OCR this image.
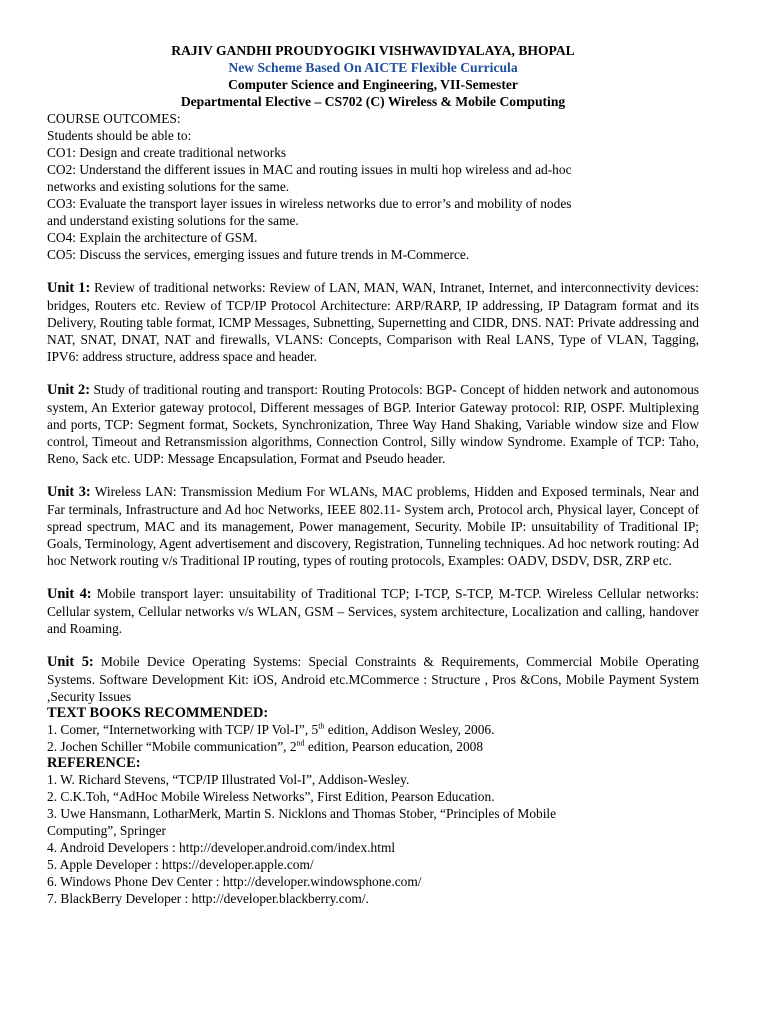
RAJIV GANDHI PROUDYOGIKI VISHWAVIDYALAYA, BHOPAL
New Scheme Based On AICTE Flexible Curricula
Computer Science and Engineering, VII-Semester
Departmental Elective – CS702 (C) Wireless & Mobile Computing
COURSE OUTCOMES:
Students should be able to:
CO1: Design and create traditional networks
CO2: Understand the different issues in MAC and routing issues in multi hop wireless and ad-hoc
networks and existing solutions for the same.
CO3: Evaluate the transport layer issues in wireless networks due to error’s and mobility of nodes
and understand existing solutions for the same.
CO4: Explain the architecture of GSM.
CO5: Discuss the services, emerging issues and future trends in M-Commerce.
Unit 1: Review of traditional networks: Review of LAN, MAN, WAN, Intranet, Internet, and interconnectivity devices: bridges, Routers etc. Review of TCP/IP Protocol Architecture: ARP/RARP, IP addressing, IP Datagram format and its Delivery, Routing table format, ICMP Messages, Subnetting, Supernetting and CIDR, DNS. NAT: Private addressing and NAT, SNAT, DNAT, NAT and firewalls, VLANS: Concepts, Comparison with Real LANS, Type of VLAN, Tagging, IPV6: address structure, address space and header.
Unit 2: Study of traditional routing and transport: Routing Protocols: BGP- Concept of hidden network and autonomous system, An Exterior gateway protocol, Different messages of BGP. Interior Gateway protocol: RIP, OSPF. Multiplexing and ports, TCP: Segment format, Sockets, Synchronization, Three Way Hand Shaking, Variable window size and Flow control, Timeout and Retransmission algorithms, Connection Control, Silly window Syndrome. Example of TCP: Taho, Reno, Sack etc. UDP: Message Encapsulation, Format and Pseudo header.
Unit 3: Wireless LAN: Transmission Medium For WLANs, MAC problems, Hidden and Exposed terminals, Near and Far terminals, Infrastructure and Ad hoc Networks, IEEE 802.11- System arch, Protocol arch, Physical layer, Concept of spread spectrum, MAC and its management, Power management, Security. Mobile IP: unsuitability of Traditional IP; Goals, Terminology, Agent advertisement and discovery, Registration, Tunneling techniques. Ad hoc network routing: Ad hoc Network routing v/s Traditional IP routing, types of routing protocols, Examples: OADV, DSDV, DSR, ZRP etc.
Unit 4: Mobile transport layer: unsuitability of Traditional TCP; I-TCP, S-TCP, M-TCP. Wireless Cellular networks: Cellular system, Cellular networks v/s WLAN, GSM – Services, system architecture, Localization and calling, handover and Roaming.
Unit 5: Mobile Device Operating Systems: Special Constraints & Requirements, Commercial Mobile Operating Systems. Software Development Kit: iOS, Android etc.MCommerce : Structure , Pros &Cons, Mobile Payment System ,Security Issues
TEXT BOOKS RECOMMENDED:
1. Comer, “Internetworking with TCP/ IP Vol-I”, 5th edition, Addison Wesley, 2006.
2. Jochen Schiller “Mobile communication”, 2nd edition, Pearson education, 2008
REFERENCE:
1. W. Richard Stevens, “TCP/IP Illustrated Vol-I”, Addison-Wesley.
2. C.K.Toh, “AdHoc Mobile Wireless Networks”, First Edition, Pearson Education.
3. Uwe Hansmann, LotharMerk, Martin S. Nicklons and Thomas Stober, “Principles of Mobile
Computing”, Springer
4. Android Developers : http://developer.android.com/index.html
5. Apple Developer : https://developer.apple.com/
6. Windows Phone Dev Center : http://developer.windowsphone.com/
7. BlackBerry Developer : http://developer.blackberry.com/.
